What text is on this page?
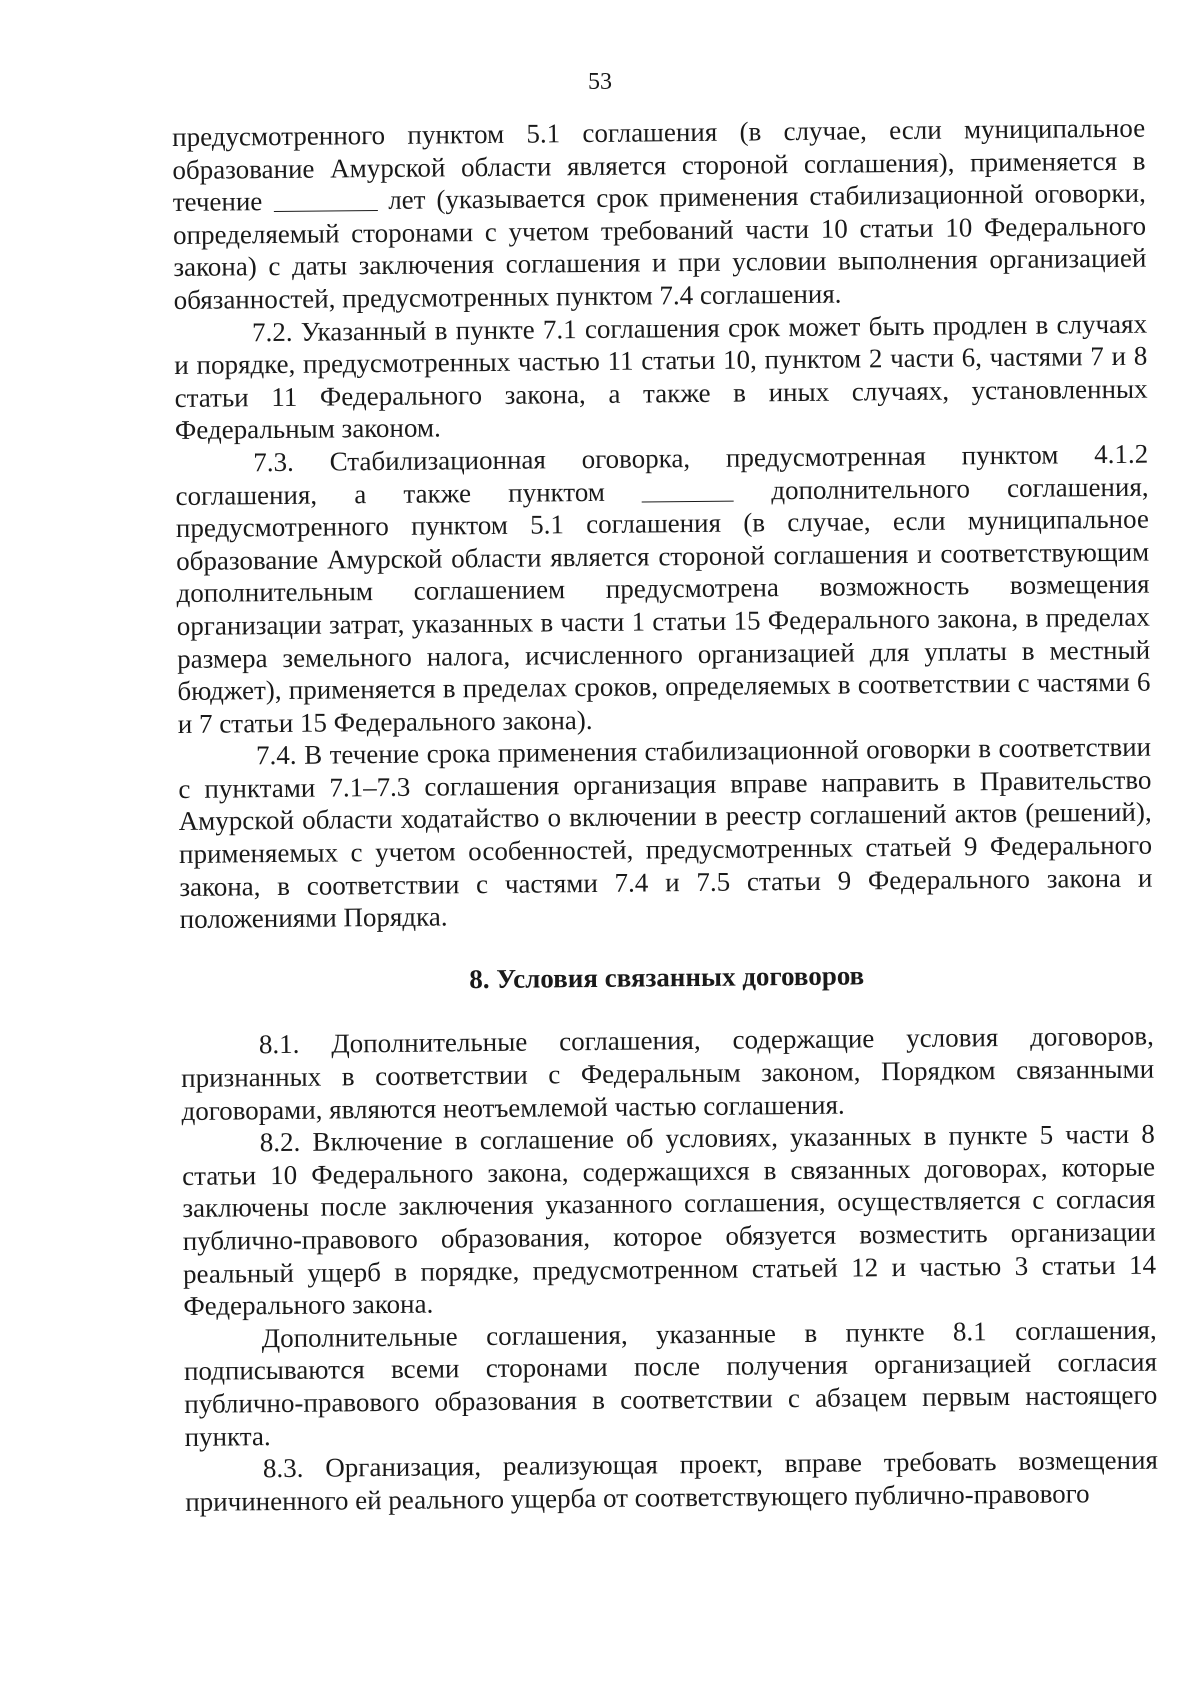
53

предусмотренного пунктом 5.1 соглашения (в случае, если муниципальное образование Амурской области является стороной соглашения), применяется в течение	лет (указывается срок применения стабилизационной оговорки, определяемый сторонами с учетом требований части 10 статьи 10 Федерального закона) с даты заключения соглашения и при условии выполнения организацией обязанностей, предусмотренных пунктом 7.4 соглашения.

7.2. Указанный в пункте 7.1 соглашения срок может быть продлен в случаях и порядке, предусмотренных частью 11 статьи 10, пунктом 2 части 6, частями 7 и 8 статьи 11 Федерального закона, а также в иных случаях, установленных Федеральным законом.

7.3. Стабилизационная оговорка, предусмотренная пунктом 4.1.2 соглашения, а также пунктом	дополнительного соглашения, предусмотренного пунктом 5.1 соглашения (в случае, если муниципальное образование Амурской области является стороной соглашения и соответствующим дополнительным соглашением предусмотрена возможность возмещения организации затрат, указанных в части 1 статьи 15 Федерального закона, в пределах размера земельного налога, исчисленного организацией для уплаты в местный бюджет), применяется в пределах сроков, определяемых в соответствии с частями 6 и 7 статьи 15 Федерального закона).

7.4. В течение срока применения стабилизационной оговорки в соответствии с пунктами 7.1–7.3 соглашения организация вправе направить в Правительство Амурской области ходатайство о включении в реестр соглашений актов (решений), применяемых с учетом особенностей, предусмотренных статьей 9 Федерального закона, в соответствии с частями 7.4 и 7.5 статьи 9 Федерального закона и положениями Порядка.

8. Условия связанных договоров

8.1. Дополнительные соглашения, содержащие условия договоров, признанных в соответствии с Федеральным законом, Порядком связанными договорами, являются неотъемлемой частью соглашения.

8.2. Включение в соглашение об условиях, указанных в пункте 5 части 8 статьи 10 Федерального закона, содержащихся в связанных договорах, которые заключены после заключения указанного соглашения, осуществляется с согласия публично-правового образования, которое обязуется возместить организации реальный ущерб в порядке, предусмотренном статьей 12 и частью 3 статьи 14 Федерального закона.

Дополнительные соглашения, указанные в пункте 8.1 соглашения, подписываются всеми сторонами после получения организацией согласия публично-правового образования в соответствии с абзацем первым настоящего пункта.

8.3. Организация, реализующая проект, вправе требовать возмещения причиненного ей реального ущерба от соответствующего публично-правового
